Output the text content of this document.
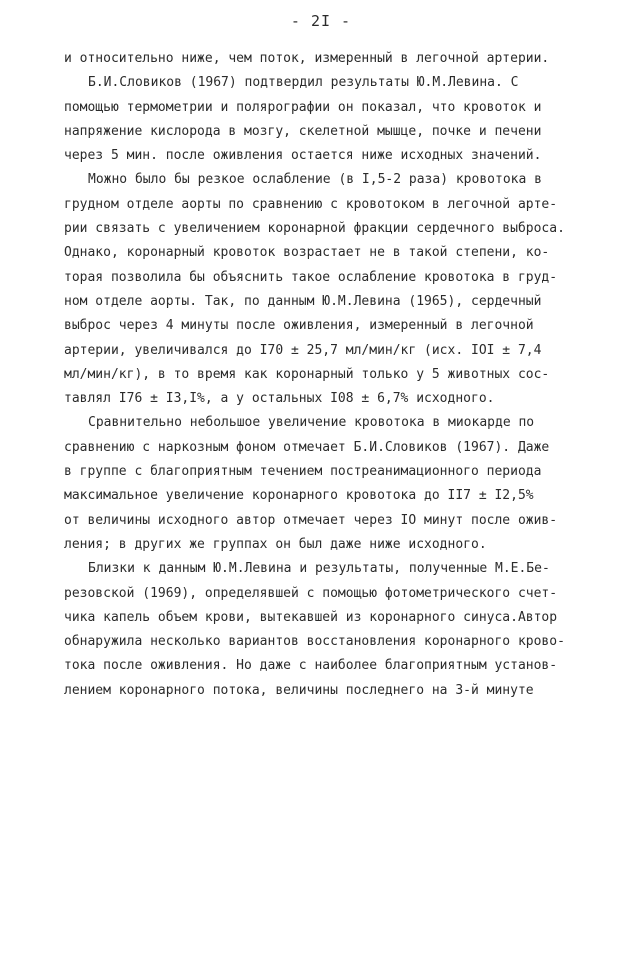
- 2I -
и относительно ниже, чем поток, измеренный в легочной артерии.
Б.И.Словиков (1967) подтвердил результаты Ю.М.Левина. С
помощью термометрии и полярографии он показал, что кровоток и
напряжение кислорода в мозгу, скелетной мышце, почке и печени
через 5 мин. после оживления остается ниже исходных значений.
Можно было бы резкое ослабление (в I,5-2 раза) кровотока в
грудном отделе аорты по сравнению с кровотоком в легочной арте-
рии связать с увеличением коронарной фракции сердечного выброса.
Однако, коронарный кровоток возрастает не в такой степени, ко-
торая позволила бы объяснить такое ослабление кровотока в груд-
ном отделе аорты. Так, по данным Ю.М.Левина (1965), сердечный
выброс через 4 минуты после оживления, измеренный в легочной
артерии, увеличивался до I70 ± 25,7 мл/мин/кг (исх. IOI ± 7,4
мл/мин/кг), в то время как коронарный только у 5 животных сос-
тавлял I76 ± I3,I%, а у остальных I08 ± 6,7% исходного.
Сравнительно небольшое увеличение кровотока в миокарде по
сравнению с наркозным фоном отмечает Б.И.Словиков (1967). Даже
в группе с благоприятным течением постреанимационного периода
максимальное увеличение коронарного кровотока до II7 ± I2,5%
от величины исходного автор отмечает через IO минут после ожив-
ления; в других же группах он был даже ниже исходного.
Близки к данным Ю.М.Левина и результаты, полученные М.Е.Бе-
резовской (1969), определявшей с помощью фотометрического счет-
чика капель объем крови, вытекавшей из коронарного синуса.Автор
обнаружила несколько вариантов восстановления коронарного крово-
тока после оживления. Но даже с наиболее благоприятным установ-
лением коронарного потока, величины последнего на 3-й минуте
